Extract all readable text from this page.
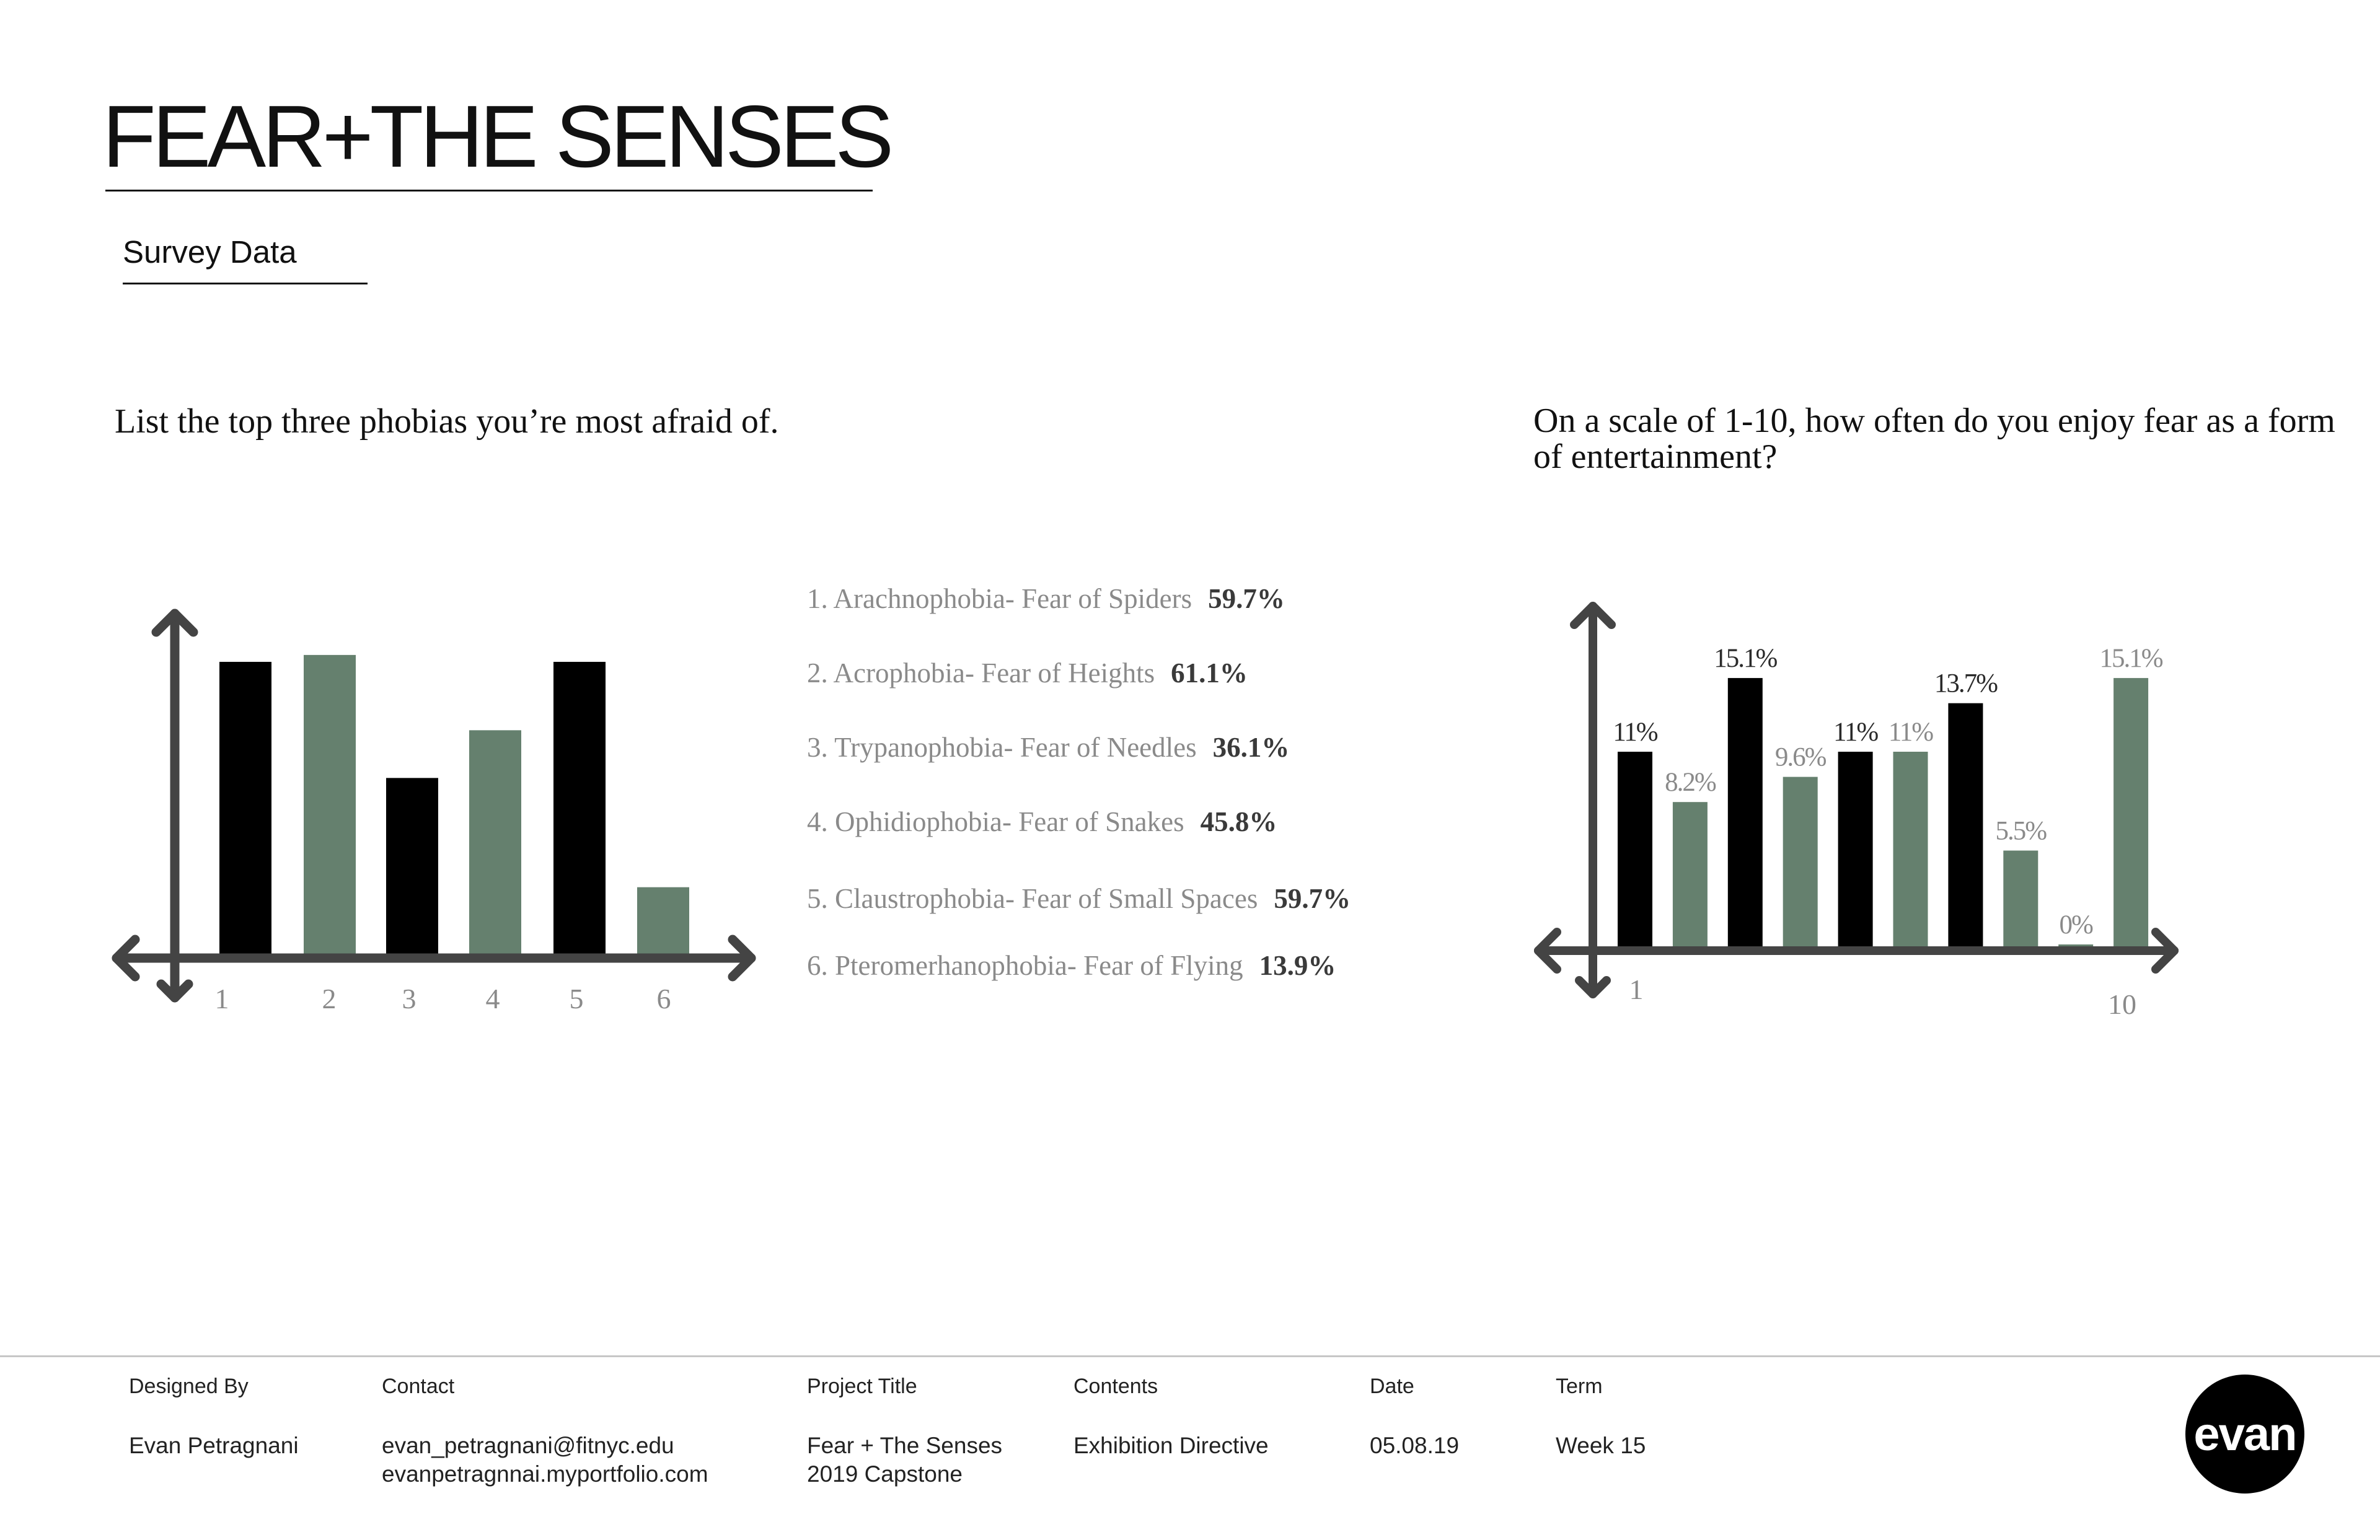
FEAR+THE SENSES
Survey Data
List the top three phobias you’re most afraid of.	On a scale of 1-10, how often do you enjoy fear as a form of entertainment?
1	2 3 4 5	6
1. Arachnophobia- Fear of Spiders 59.7%
2. Acrophobia- Fear of Heights 61.1%
3. Trypanophobia- Fear of Needles 36.1%
4. Ophidiophobia- Fear of Snakes 45.8%
5. Claustrophobia- Fear of Small Spaces 59.7%
6. Pteromerhanophobia- Fear of Flying 13.9%
11%
8.2%
15.1%
9.6%
11% 11%
13.7%
5.5%
0%
15.1%
1	10
Designed By
Evan Petragnani
Contact
evan_petragnani@fitnyc.edu
evanpetragnnai.myportfolio.com
Project Title
Fear + The Senses
2019 Capstone
Contents
Exhibition Directive
Date
05.08.19
Term
Week 15	evan
